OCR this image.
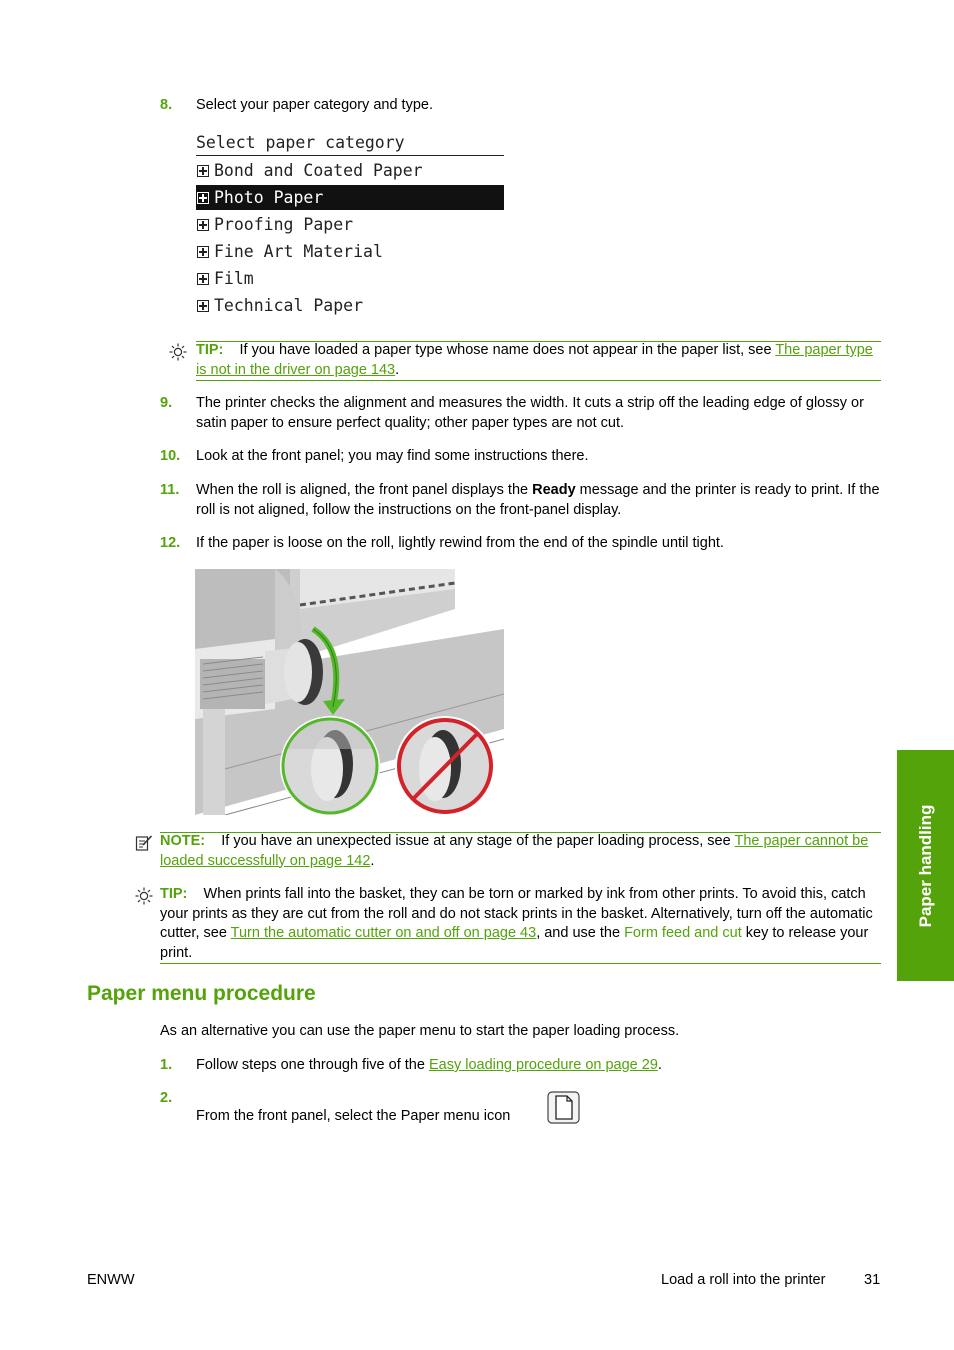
8. Select your paper category and type.
Select paper category
Bond and Coated Paper
Photo Paper
Proofing Paper
Fine Art Material
Film
Technical Paper
TIP: If you have loaded a paper type whose name does not appear in the paper list, see The paper type is not in the driver on page 143.
9. The printer checks the alignment and measures the width. It cuts a strip off the leading edge of glossy or satin paper to ensure perfect quality; other paper types are not cut.
10. Look at the front panel; you may find some instructions there.
11. When the roll is aligned, the front panel displays the Ready message and the printer is ready to print. If the roll is not aligned, follow the instructions on the front-panel display.
12. If the paper is loose on the roll, lightly rewind from the end of the spindle until tight.
NOTE: If you have an unexpected issue at any stage of the paper loading process, see The paper cannot be loaded successfully on page 142.
TIP: When prints fall into the basket, they can be torn or marked by ink from other prints. To avoid this, catch your prints as they are cut from the roll and do not stack prints in the basket. Alternatively, turn off the automatic cutter, see Turn the automatic cutter on and off on page 43, and use the Form feed and cut key to release your print.
Paper menu procedure
As an alternative you can use the paper menu to start the paper loading process.
1. Follow steps one through five of the Easy loading procedure on page 29.
2.
From the front panel, select the Paper menu icon
Paper handling
ENWW	Load a roll into the printer	31
